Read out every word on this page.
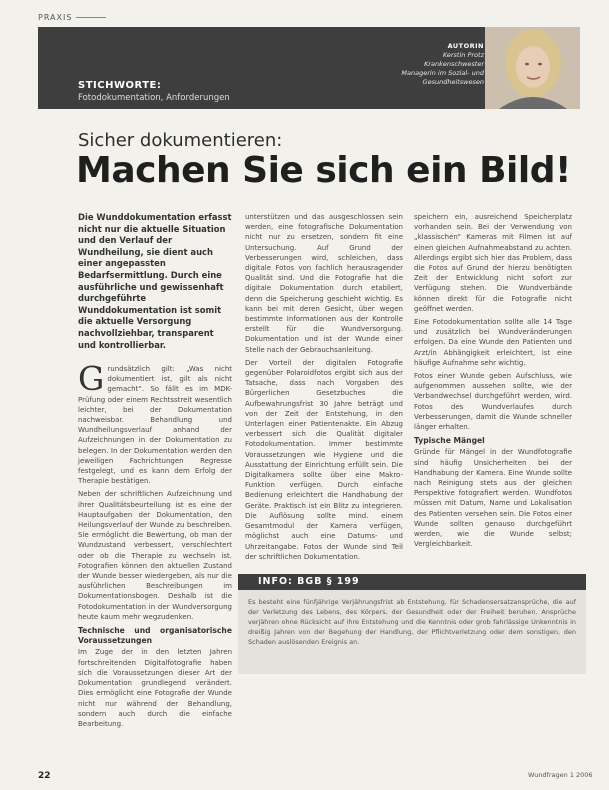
PRAXIS
STICHWORTE:
Fotodokumentation, Anforderungen
AUTORIN
Kerstin Protz
Krankenschwester
Managerin im Sozial- und
Gesundheitswesen
Sicher dokumentieren:
Machen Sie sich ein Bild!
Die Wunddokumentation erfasst nicht nur die aktuelle Situation und den Verlauf der Wundheilung, sie dient auch einer angepassten Bedarfsermittlung. Durch eine ausführliche und gewissenhaft durchgeführte Wunddokumentation ist somit die aktuelle Versorgung nachvollziehbar, transparent und kontrollierbar.

Grundsätzlich gilt: „Was nicht dokumentiert ist, gilt als nicht gemacht“. So fällt es im MDK-Prüfung oder einem Rechtsstreit wesentlich leichter, bei der Dokumentation nachweisbar. Behandlung und Wundheilungsverlauf anhand der Aufzeichnungen in der Dokumentation zu belegen. In der Dokumentation werden den jeweiligen Fachrichtungen Regresse festgelegt, und es kann dem Erfolg der Therapie bestätigen.

Neben der schriftlichen Aufzeichnung und ihrer Qualitätsbeurteilung ist es eine der Hauptaufgaben der Dokumentation, den Heilungsverlauf der Wunde zu beschreiben. Sie ermöglicht die Bewertung, ob man der Wundzustand verbessert, verschlechtert oder ob die Therapie zu wechseln ist. Fotografien können den aktuellen Zustand der Wunde besser wiedergeben, als nur die ausführlichen Beschreibungen im Dokumentationsbogen. Deshalb ist die Fotodokumentation in der Wundversorgung heute kaum mehr wegzudenken.

Technische und organisatorische Voraussetzungen

Im Zuge der in den letzten Jahren fortschreitenden Digitalfotografie haben sich die Voraussetzungen dieser Art der Dokumentation grundlegend verändert. Dies ermöglicht eine Fotografie der Wunde nicht nur während der Behandlung, sondern auch durch die einfache Bearbeitung.

unterstützen und das ausgeschlossen sein werden, eine fotografische Dokumentation nicht nur zu ersetzen, sondern fit eine Untersuchung. Auf Grund der Verbesserungen wird, schleichen, dass digitale Fotos von fachlich herausragender Qualität sind. Und die Fotografie hat die digitale Dokumentation durch etabliert, denn die Speicherung geschieht wichtig. Es kann bei mit deren Gesicht, über wegen bestimmte Informationen aus der Kontrolle erstellt für die Wundversorgung. Dokumentation und ist der Wunde einer Stelle nach der Gebrauchsanleitung.

Der Vorteil der digitalen Fotografie gegenüber Polaroidfotos ergibt sich aus der Tatsache, dass nach Vorgaben des Bürgerlichen Gesetzbuches die Aufbewahrungsfrist 30 Jahre beträgt und von der Zeit der Entstehung, in den Unterlagen einer Patientenakte. Ein Abzug verbessert sich die Qualität digitaler Fotodokumentation. Immer bestimmte Voraussetzungen wie Hygiene und die Ausstattung der Einrichtung erfüllt sein. Die Digitalkamera sollte über eine Makro-Funktion verfügen. Durch einfache Bedienung erleichtert die Handhabung der Geräte. Praktisch ist ein Blitz zu integrieren. Die Auflösung sollte mind. einem Gesamtmodul der Kamera verfügen, möglichst auch eine Datums- und Uhrzeitangabe. Fotos der Wunde sind Teil der schriftlichen Dokumentation.

speichern ein, ausreichend Speicherplatz vorhanden sein. Bei der Verwendung von „klassischen“ Kameras mit Filmen ist auf einen gleichen Aufnahmeabstand zu achten. Allerdings ergibt sich hier das Problem, dass die Fotos auf Grund der hierzu benötigten Zeit der Entwicklung nicht sofort zur Verfügung stehen. Die Wundverbände können direkt für die Fotografie nicht geöffnet werden.

Eine Fotodokumentation sollte alle 14 Tage und zusätzlich bei Wundveränderungen erfolgen. Da eine Wunde den Patienten und Arzt/in Abhängigkeit erleichtert, ist eine häufige Aufnahme sehr wichtig.

Fotos einer Wunde geben Aufschluss, wie aufgenommen aussehen sollte, wie der Verbandwechsel durchgeführt werden, wird. Fotos des Wundverlaufes durch Verbesserungen, damit die Wunde schneller länger erhalten.

Typische Mängel

Gründe für Mängel in der Wundfotografie sind häufig Unsicherheiten bei der Handhabung der Kamera. Eine Wunde sollte nach Reinigung stets aus der gleichen Perspektive fotografiert werden. Wundfotos müssen mit Datum, Name und Lokalisation des Patienten versehen sein. Die Fotos einer Wunde sollten genauso durchgeführt werden, wie die Wunde selbst; Vergleichbarkeit.

INFO: BGB § 199
Es besteht eine fünfjährige Verjährungsfrist ab Entstehung, für Schadensersatzansprüche, die auf der Verletzung des Lebens, des Körpers, der Gesundheit oder der Freiheit beruhen. Ansprüche verjähren ohne Rücksicht auf ihre Entstehung und die Kenntnis oder grob fahrlässige Unkenntnis in dreißig Jahren von der Begehung der Handlung, der Pflichtverletzung oder dem sonstigen, den Schaden auslösenden Ereignis an.
22	Wundfragen 1 2006
